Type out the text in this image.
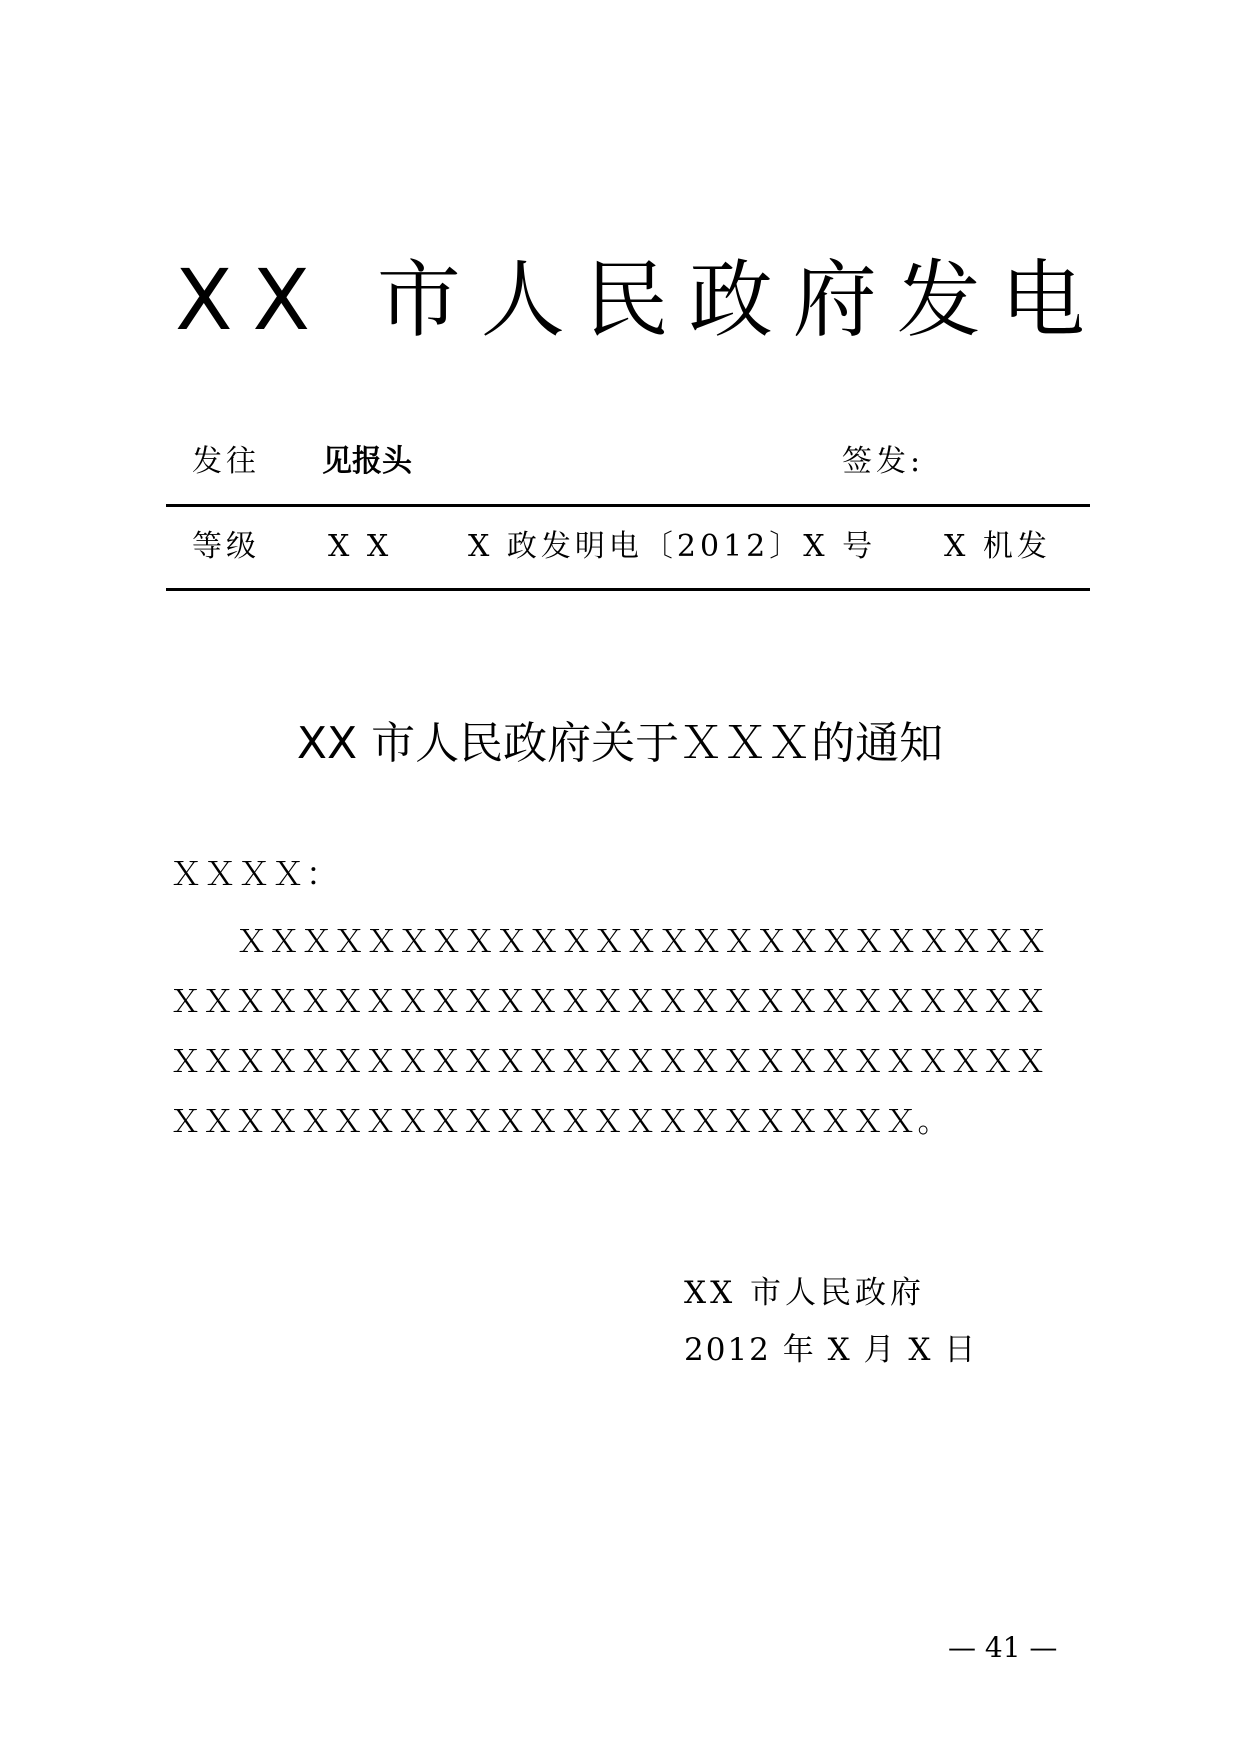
XX 市人民政府发电
发往 见报头	签发:
等级 X X	X 政发明电〔2012〕X 号 X 机发
XX 市人民政府关于ＸＸＸ的通知
ＸＸＸＸ：
ＸＸＸＸＸＸＸＸＸＸＸＸＸＸＸＸＸＸＸＸＸＸＸＸＸ
ＸＸＸＸＸＸＸＸＸＸＸＸＸＸＸＸＸＸＸＸＸＸＸＸＸＸＸ
ＸＸＸＸＸＸＸＸＸＸＸＸＸＸＸＸＸＸＸＸＸＸＸＸＸＸＸ
ＸＸＸＸＸＸＸＸＸＸＸＸＸＸＸＸＸＸＸＸＸＸＸ。
XX 市人民政府
2012 年 X 月 X 日
— 41 —
